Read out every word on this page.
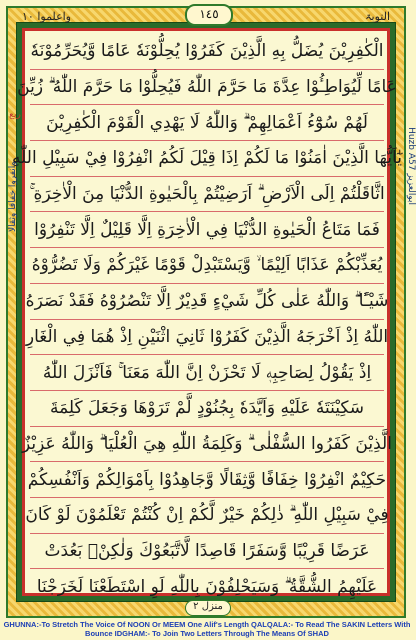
واعلموا ١٠	التوبۃ
١٤٥
وانفروا خفافا وثقالا
Huzb A57 ابوالعزیز
ربع
الْكٰفِرِيْنَ يُضَلُّ بِهِ الَّذِيْنَ كَفَرُوْا يُحِلُّوْنَهٗ عَامًا وَّيُحَرِّمُوْنَهٗ
عَامًا لِّيُوَاطِـُٔوْا عِدَّةَ مَا حَرَّمَ اللّٰهُ فَيُحِلُّوْا مَا حَرَّمَ اللّٰهُ ۗ زُيِّنَ
لَهُمْ سُوْٓءُ اَعْمَالِهِمْ ۗ وَاللّٰهُ لَا يَهْدِي الْقَوْمَ الْكٰفِرِيْنَ
يٰٓاَيُّهَا الَّذِيْنَ اٰمَنُوْا مَا لَكُمْ اِذَا قِيْلَ لَكُمُ انْفِرُوْا فِيْ سَبِيْلِ اللّٰهِ
اثَّاقَلْتُمْ اِلَى الْاَرْضِ ۗ اَرَضِيْتُمْ بِالْحَيٰوةِ الدُّنْيَا مِنَ الْاٰخِرَةِ ۚ
فَمَا مَتَاعُ الْحَيٰوةِ الدُّنْيَا فِي الْاٰخِرَةِ اِلَّا قَلِيْلٌ اِلَّا تَنْفِرُوْا
يُعَذِّبْكُمْ عَذَابًا اَلِيْمًا ۙ وَّيَسْتَبْدِلْ قَوْمًا غَيْرَكُمْ وَلَا تَضُرُّوْهُ
شَيْـًٔا ۗ وَاللّٰهُ عَلٰى كُلِّ شَيْءٍ قَدِيْرٌ اِلَّا تَنْصُرُوْهُ فَقَدْ نَصَرَهُ
اللّٰهُ اِذْ اَخْرَجَهُ الَّذِيْنَ كَفَرُوْا ثَانِيَ اثْنَيْنِ اِذْ هُمَا فِي الْغَارِ
اِذْ يَقُوْلُ لِصَاحِبِهٖ لَا تَحْزَنْ اِنَّ اللّٰهَ مَعَنَا ۚ فَاَنْزَلَ اللّٰهُ
سَكِيْنَتَهٗ عَلَيْهِ وَاَيَّدَهٗ بِجُنُوْدٍ لَّمْ تَرَوْهَا وَجَعَلَ كَلِمَةَ
الَّذِيْنَ كَفَرُوا السُّفْلٰى ۗ وَكَلِمَةُ اللّٰهِ هِيَ الْعُلْيَا ۗ وَاللّٰهُ عَزِيْزٌ
حَكِيْمٌ انْفِرُوْا خِفَافًا وَّثِقَالًا وَّجَاهِدُوْا بِاَمْوَالِكُمْ وَاَنْفُسِكُمْ
فِيْ سَبِيْلِ اللّٰهِ ۗ ذٰلِكُمْ خَيْرٌ لَّكُمْ اِنْ كُنْتُمْ تَعْلَمُوْنَ لَوْ كَانَ
عَرَضًا قَرِيْبًا وَّسَفَرًا قَاصِدًا لَّاتَّبَعُوْكَ وَلٰكِنْۢ بَعُدَتْ
عَلَيْهِمُ الشُّقَّةُ ۗ وَسَيَحْلِفُوْنَ بِاللّٰهِ لَوِ اسْتَطَعْنَا لَخَرَجْنَا
منزل ٢
GHUNNA:-To Stretch The Voice Of NOON Or MEEM One Alif's Length QALQALA:- To Read The SAKIN Letters With Bounce IDGHAM:- To Join Two Letters Through The Means Of SHAD
